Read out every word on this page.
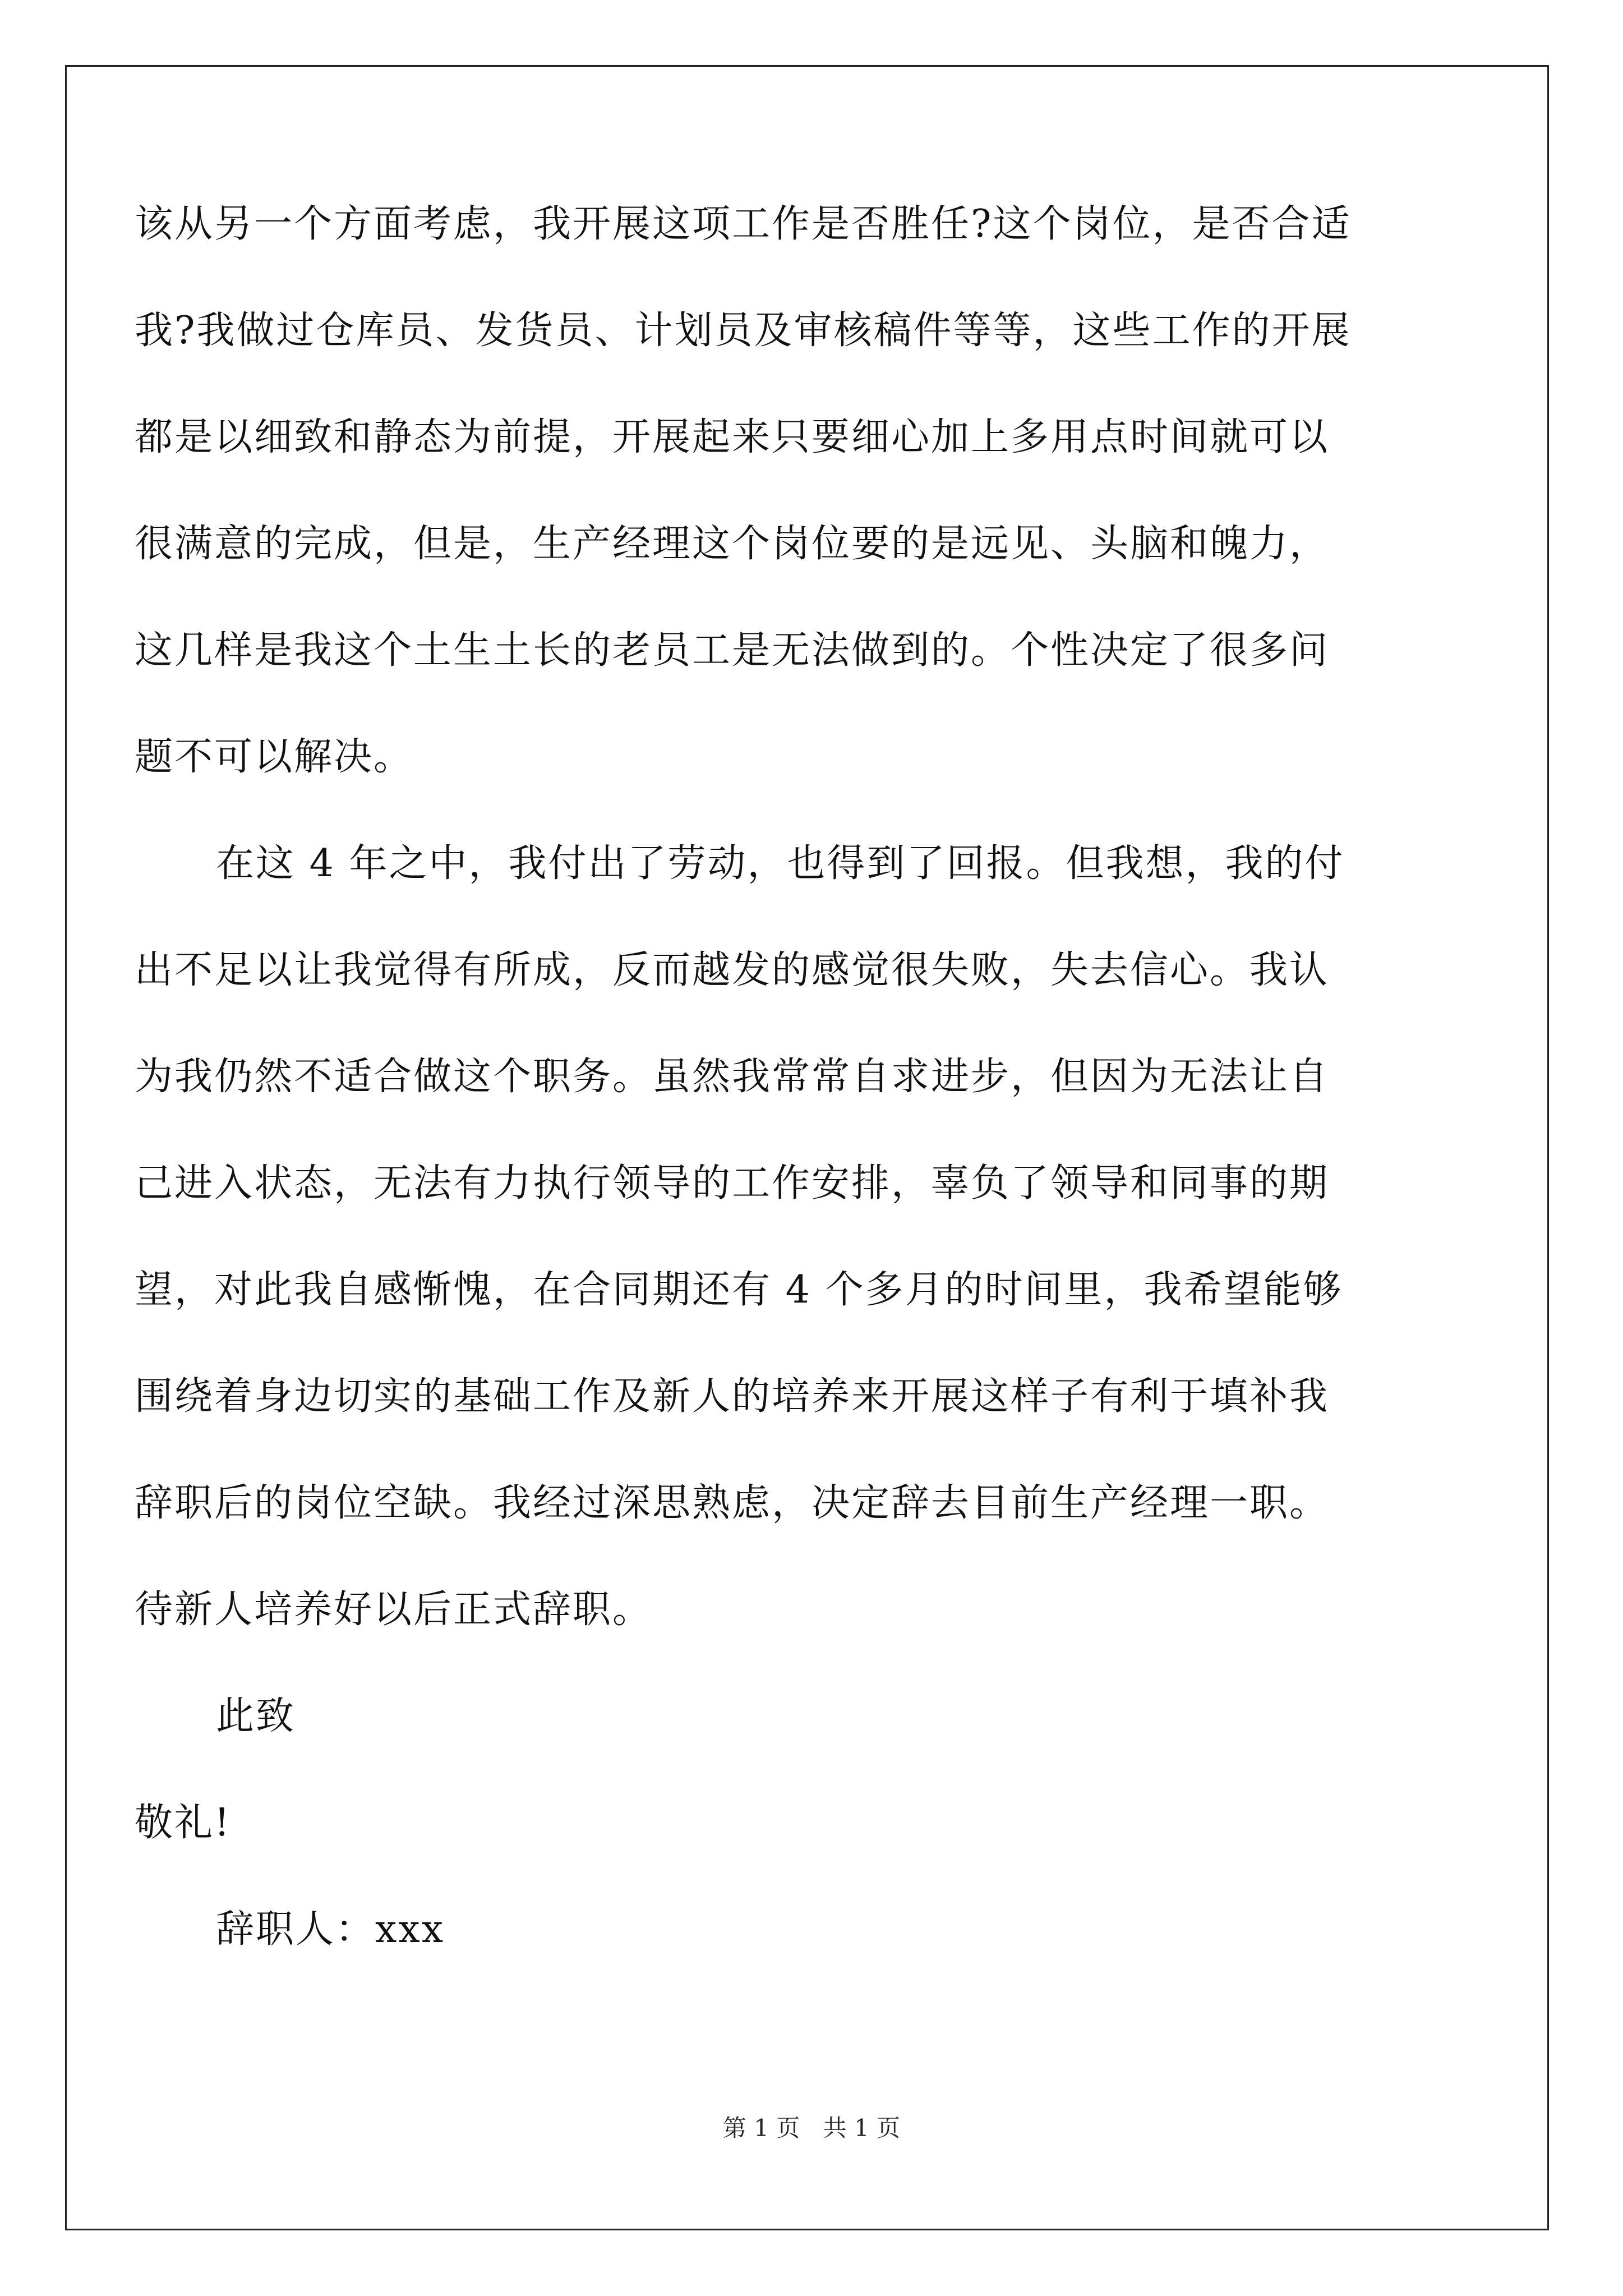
该从另一个方面考虑，我开展这项工作是否胜任?这个岗位，是否合适
我?我做过仓库员、发货员、计划员及审核稿件等等，这些工作的开展
都是以细致和静态为前提，开展起来只要细心加上多用点时间就可以
很满意的完成，但是，生产经理这个岗位要的是远见、头脑和魄力，
这几样是我这个土生土长的老员工是无法做到的。个性决定了很多问
题不可以解决。
在这 4 年之中，我付出了劳动，也得到了回报。但我想，我的付
出不足以让我觉得有所成，反而越发的感觉很失败，失去信心。我认
为我仍然不适合做这个职务。虽然我常常自求进步，但因为无法让自
己进入状态，无法有力执行领导的工作安排，辜负了领导和同事的期
望，对此我自感惭愧，在合同期还有 4 个多月的时间里，我希望能够
围绕着身边切实的基础工作及新人的培养来开展这样子有利于填补我
辞职后的岗位空缺。我经过深思熟虑，决定辞去目前生产经理一职。
待新人培养好以后正式辞职。
此致
敬礼!
辞职人：xxx
第 1 页 共 1 页
